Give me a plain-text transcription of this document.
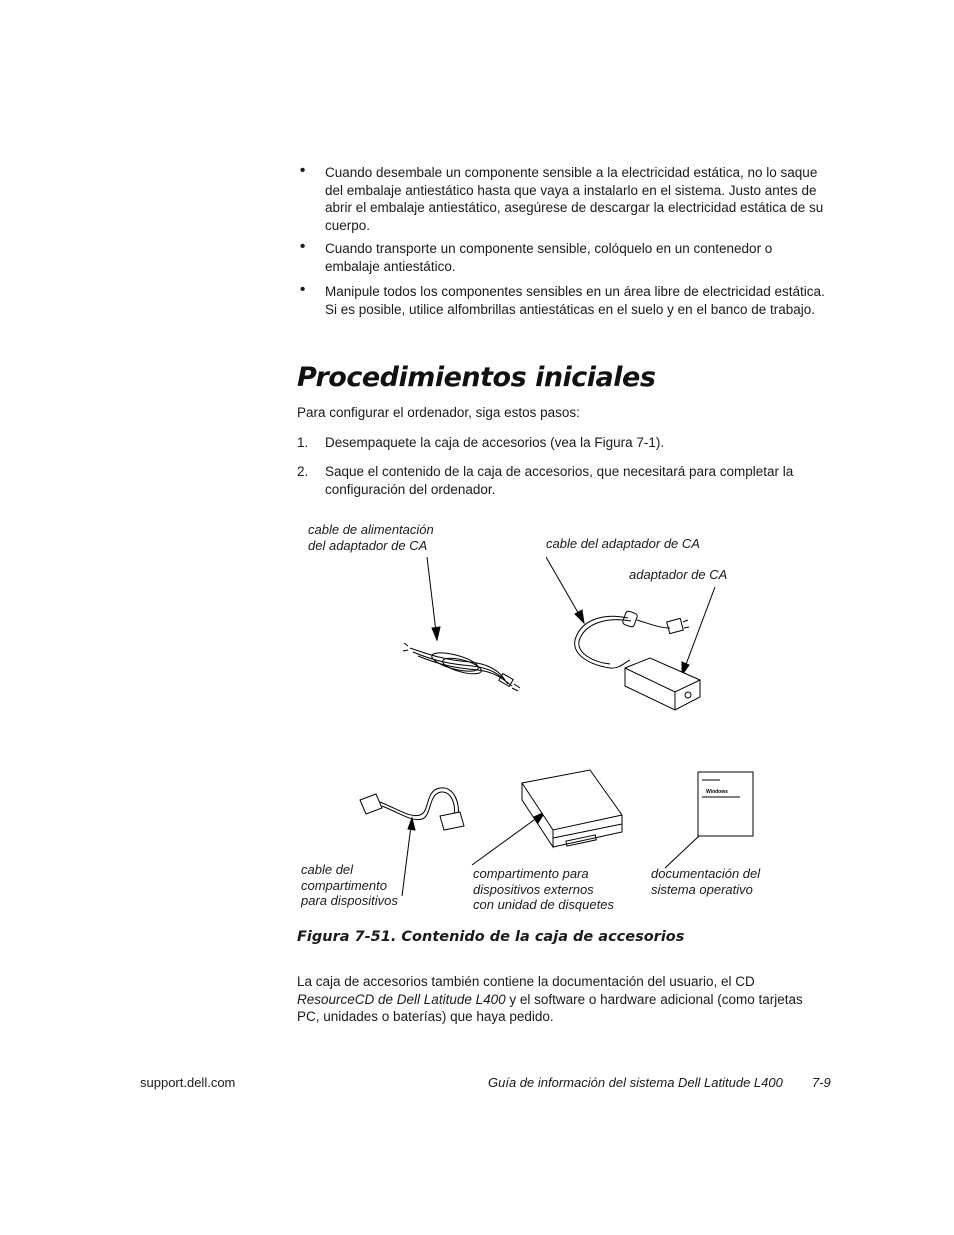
• Cuando desembale un componente sensible a la electricidad estática, no lo saque del embalaje antiestático hasta que vaya a instalarlo en el sistema. Justo antes de abrir el embalaje antiestático, asegúrese de descargar la electricidad estática de su cuerpo.
• Cuando transporte un componente sensible, colóquelo en un contenedor o embalaje antiestático.
• Manipule todos los componentes sensibles en un área libre de electricidad estática. Si es posible, utilice alfombrillas antiestáticas en el suelo y en el banco de trabajo.
Procedimientos iniciales
Para configurar el ordenador, siga estos pasos:
1. Desempaquete la caja de accesorios (vea la Figura 7-1).
2. Saque el contenido de la caja de accesorios, que necesitará para completar la configuración del ordenador.
Windows
cable de alimentación
del adaptador de CA	cable del adaptador de CA
adaptador de CA
cable del
compartimento
para dispositivos
compartimento para
dispositivos externos
con unidad de disquetes
documentación del
sistema operativo
Figura 7-51. Contenido de la caja de accesorios
La caja de accesorios también contiene la documentación del usuario, el CD
ResourceCD de Dell Latitude L400 y el software o hardware adicional (como tarjetas PC, unidades o baterías) que haya pedido.
support.dell.com	Guía de información del sistema Dell Latitude L400 7-9
